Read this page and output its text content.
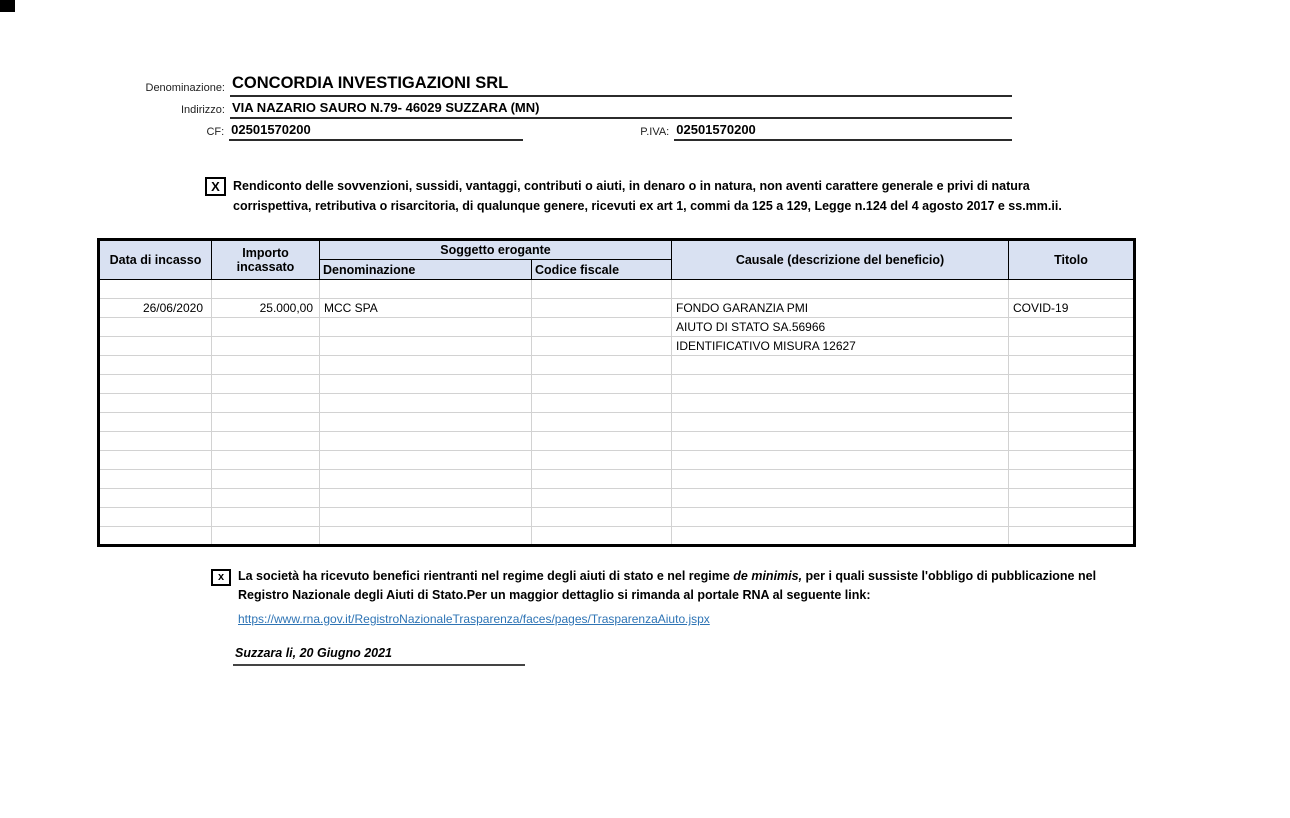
Denominazione: CONCORDIA INVESTIGAZIONI SRL
Indirizzo: VIA NAZARIO SAURO N.79- 46029 SUZZARA (MN)
CF: 02501570200	P.IVA: 02501570200
X	Rendiconto delle sovvenzioni, sussidi, vantaggi, contributi o aiuti, in denaro o in natura, non aventi carattere generale e privi di natura corrispettiva, retributiva o risarcitoria, di qualunque genere, ricevuti ex art 1, commi da 125 a 129, Legge n.124 del 4 agosto 2017 e ss.mm.ii.
Data di incasso	Importo incassato	Soggetto erogante		Causale (descrizione del beneficio)	Titolo
		Denominazione	Codice fiscale		

26/06/2020	25.000,00	MCC SPA		FONDO GARANZIA PMI	COVID-19
				AIUTO DI STATO SA.56966	
				IDENTIFICATIVO MISURA 12627	

x	La società ha ricevuto benefici rientranti nel regime degli aiuti di stato e nel regime de minimis, per i quali sussiste l'obbligo di pubblicazione nel Registro Nazionale degli Aiuti di Stato.Per un maggior dettaglio si rimanda al portale RNA al seguente link:
https://www.rna.gov.it/RegistroNazionaleTrasparenza/faces/pages/TrasparenzaAiuto.jspx
Suzzara li, 20 Giugno 2021
